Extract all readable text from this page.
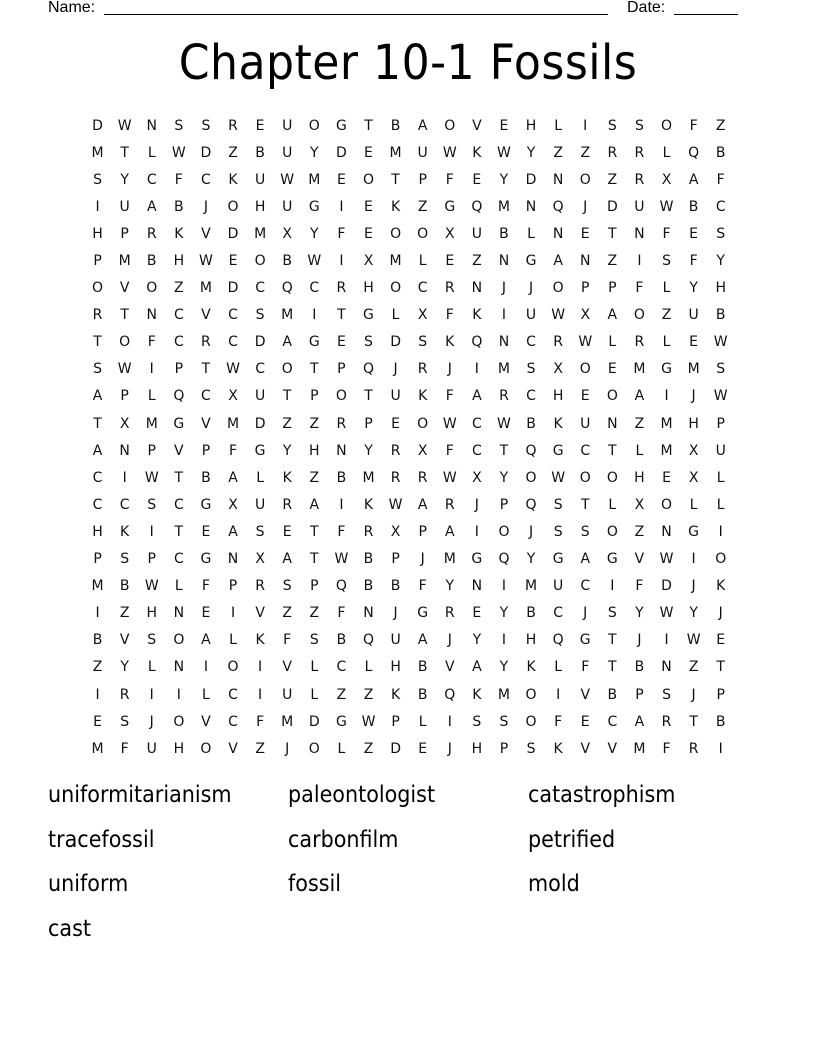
Name:	Date:
Chapter 10-1 Fossils
D	W	N	S	S	R	E	U	O	G	T	B	A	O	V	E	H	L	I	S	S	O	F	Z
M	T	L	W	D	Z	B	U	Y	D	E	M	U	W	K	W	Y	Z	Z	R	R	L	Q	B
S	Y	C	F	C	K	U	W	M	E	O	T	P	F	E	Y	D	N	O	Z	R	X	A	F
I	U	A	B	J	O	H	U	G	I	E	K	Z	G	Q	M	N	Q	J	D	U	W	B	C
H	P	R	K	V	D	M	X	Y	F	E	O	O	X	U	B	L	N	E	T	N	F	E	S
P	M	B	H	W	E	O	B	W	I	X	M	L	E	Z	N	G	A	N	Z	I	S	F	Y
O	V	O	Z	M	D	C	Q	C	R	H	O	C	R	N	J	J	O	P	P	F	L	Y	H
R	T	N	C	V	C	S	M	I	T	G	L	X	F	K	I	U	W	X	A	O	Z	U	B
T	O	F	C	R	C	D	A	G	E	S	D	S	K	Q	N	C	R	W	L	R	L	E	W
S	W	I	P	T	W	C	O	T	P	Q	J	R	J	I	M	S	X	O	E	M	G	M	S
A	P	L	Q	C	X	U	T	P	O	T	U	K	F	A	R	C	H	E	O	A	I	J	W
T	X	M	G	V	M	D	Z	Z	R	P	E	O	W	C	W	B	K	U	N	Z	M	H	P
A	N	P	V	P	F	G	Y	H	N	Y	R	X	F	C	T	Q	G	C	T	L	M	X	U
C	I	W	T	B	A	L	K	Z	B	M	R	R	W	X	Y	O	W	O	O	H	E	X	L
C	C	S	C	G	X	U	R	A	I	K	W	A	R	J	P	Q	S	T	L	X	O	L	L
H	K	I	T	E	A	S	E	T	F	R	X	P	A	I	O	J	S	S	O	Z	N	G	I
P	S	P	C	G	N	X	A	T	W	B	P	J	M	G	Q	Y	G	A	G	V	W	I	O
M	B	W	L	F	P	R	S	P	Q	B	B	F	Y	N	I	M	U	C	I	F	D	J	K
I	Z	H	N	E	I	V	Z	Z	F	N	J	G	R	E	Y	B	C	J	S	Y	W	Y	J
B	V	S	O	A	L	K	F	S	B	Q	U	A	J	Y	I	H	Q	G	T	J	I	W	E
Z	Y	L	N	I	O	I	V	L	C	L	H	B	V	A	Y	K	L	F	T	B	N	Z	T
I	R	I	I	L	C	I	U	L	Z	Z	K	B	Q	K	M	O	I	V	B	P	S	J	P
E	S	J	O	V	C	F	M	D	G	W	P	L	I	S	S	O	F	E	C	A	R	T	B
M	F	U	H	O	V	Z	J	O	L	Z	D	E	J	H	P	S	K	V	V	M	F	R	I
uniformitarianism	paleontologist	catastrophism
tracefossil	carbonfilm	petrified
uniform	fossil	mold
cast
